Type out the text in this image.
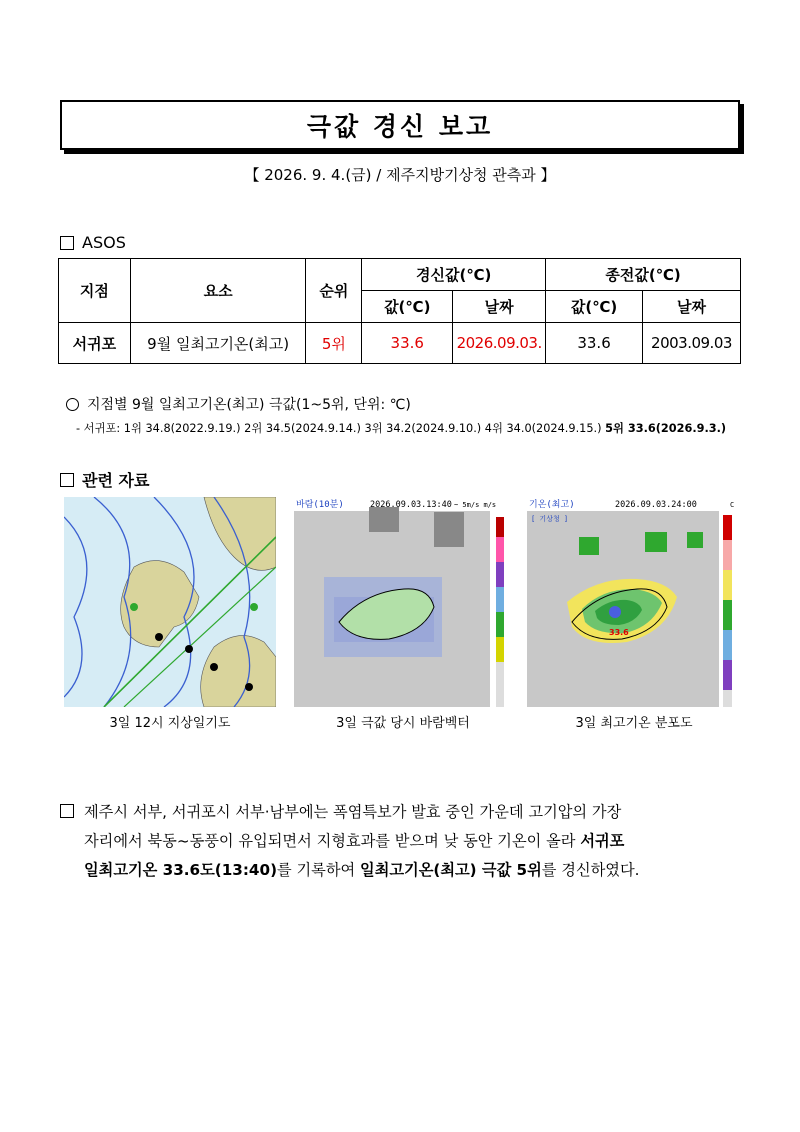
극값 경신 보고
【 2026. 9. 4.(금) / 제주지방기상청 관측과 】
ASOS
지점	요소	순위	경신값(℃)		종전값(℃)	
			값(℃)	날짜	값(℃)	날짜
서귀포	9월 일최고기온(최고)	5위	33.6	2026.09.03.	33.6	2003.09.03
지점별 9월 일최고기온(최고) 극값(1~5위, 단위: ℃)
- 서귀포: 1위 34.8(2022.9.19.) 2위 34.5(2024.9.14.) 3위 34.2(2024.9.10.) 4위 34.0(2024.9.15.) 5위 33.6(2026.9.3.)
관련 자료
바람(10분)	2026.09.03.13:40 ~ 5m/s m/s	기온(최고)
[ 기상청 ]
2026.09.03.24:00	C
33.6
3일 12시 지상일기도	3일 극값 당시 바람벡터	3일 최고기온 분포도
제주시 서부, 서귀포시 서부·남부에는 폭염특보가 발효 중인 가운데 고기압의 가장
자리에서 북동~동풍이 유입되면서 지형효과를 받으며 낮 동안 기온이 올라 서귀포
일최고기온 33.6도(13:40)를 기록하여 일최고기온(최고) 극값 5위를 경신하였다.
